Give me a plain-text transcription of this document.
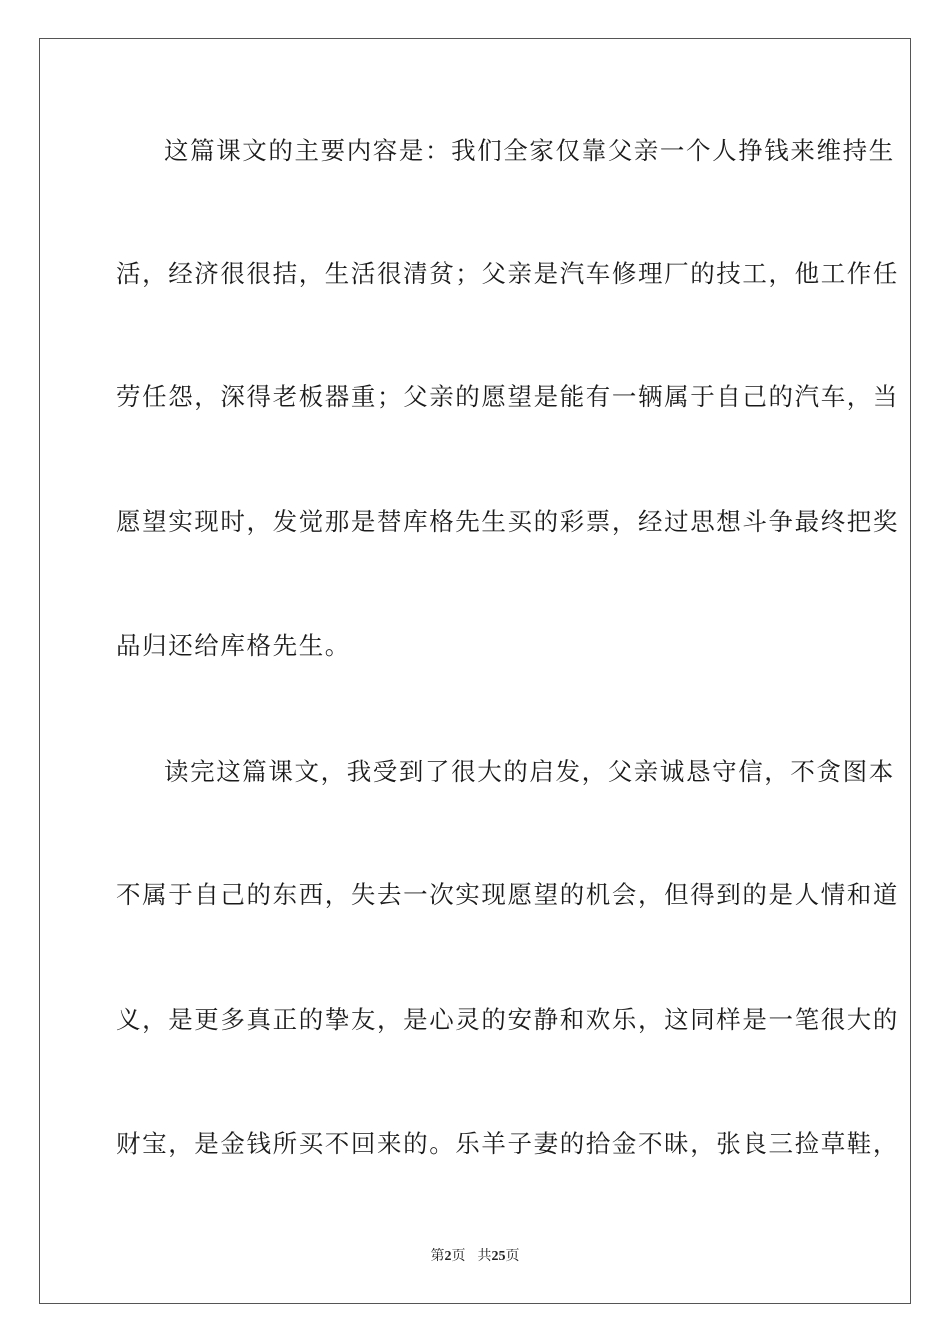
这篇课文的主要内容是：我们全家仅靠父亲一个人挣钱来维持生
活，经济很很拮，生活很清贫；父亲是汽车修理厂的技工，他工作任
劳任怨，深得老板器重；父亲的愿望是能有一辆属于自己的汽车，当
愿望实现时，发觉那是替库格先生买的彩票，经过思想斗争最终把奖
品归还给库格先生。
读完这篇课文，我受到了很大的启发，父亲诚恳守信，不贪图本
不属于自己的东西，失去一次实现愿望的机会，但得到的是人情和道
义，是更多真正的挚友，是心灵的安静和欢乐，这同样是一笔很大的
财宝，是金钱所买不回来的。乐羊子妻的拾金不昧，张良三捡草鞋，
第2页 共25页
